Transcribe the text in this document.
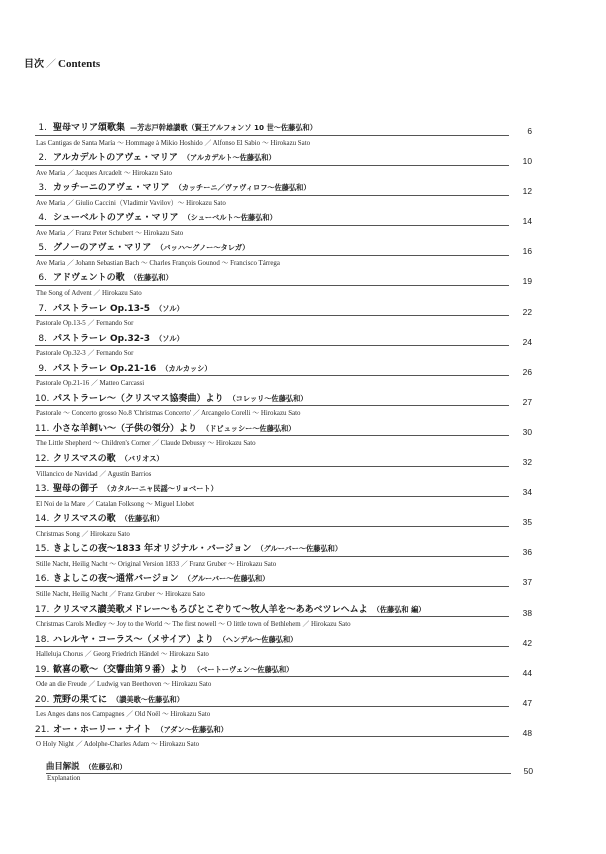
目次 ／ Contents
1. 聖母マリア頌歌集 —芳志戸幹雄讃歌（賢王アルフォンソ 10 世～佐藤弘和）	6
Las Cantigas de Santa María ～ Hommage à Mikio Hoshido ／ Alfonso El Sabio ～ Hirokazu Sato
2. アルカデルトのアヴェ・マリア （アルカデルト～佐藤弘和）	10
Ave Maria ／ Jacques Arcadelt ～ Hirokazu Sato
3. カッチーニのアヴェ・マリア （カッチーニ／ヴァヴィロフ～佐藤弘和）	12
Ave Maria ／ Giulio Caccini（Vladimir Vavilov）～ Hirokazu Sato
4. シューベルトのアヴェ・マリア （シューベルト～佐藤弘和）	14
Ave Maria ／ Franz Peter Schubert ～ Hirokazu Sato
5. グノーのアヴェ・マリア （バッハ～グノー～タレガ）	16
Ave Maria ／ Johann Sebastian Bach ～ Charles François Gounod ～ Francisco Tárrega
6. アドヴェントの歌 （佐藤弘和）	19
The Song of Advent ／ Hirokazu Sato
7. パストラーレ Op.13-5 （ソル）	22
Pastorale Op.13-5 ／ Fernando Sor
8. パストラーレ Op.32-3 （ソル）	24
Pastorale Op.32-3 ／ Fernando Sor
9. パストラーレ Op.21-16 （カルカッシ）	26
Pastorale Op.21-16 ／ Matteo Carcassi
10. パストラーレ～（クリスマス協奏曲）より （コレッリ～佐藤弘和）	27
Pastorale ～ Concerto grosso No.8 'Christmas Concerto' ／ Arcangelo Corelli ～ Hirokazu Sato
11. 小さな羊飼い～（子供の領分）より （ドビュッシー～佐藤弘和）	30
The Little Shepherd ～ Children's Corner ／ Claude Debussy ～ Hirokazu Sato
12. クリスマスの歌 （バリオス）	32
Villancico de Navidad ／ Agustín Barrios
13. 聖母の御子 （カタルーニャ民謡～リョベート）	34
El Noi de la Mare ／ Catalan Folksong ～ Miguel Llobet
14. クリスマスの歌 （佐藤弘和）	35
Christmas Song ／ Hirokazu Sato
15. きよしこの夜～1833 年オリジナル・バージョン （グルーバー～佐藤弘和）	36
Stille Nacht, Heilig Nacht ～ Original Version 1833 ／ Franz Gruber ～ Hirokazu Sato
16. きよしこの夜～通常バージョン （グルーバー～佐藤弘和）	37
Stille Nacht, Heilig Nacht ／ Franz Gruber ～ Hirokazu Sato
17. クリスマス讃美歌メドレー～もろびとこぞりて～牧人羊を～ああベツレヘムよ （佐藤弘和 編）	38
Christmas Carols Medley ～ Joy to the World ～ The first nowell ～ O little town of Bethlehem ／ Hirokazu Sato
18. ハレルヤ・コーラス～（メサイア）より （ヘンデル～佐藤弘和）	42
Halleluja Chorus ／ Georg Friedrich Händel ～ Hirokazu Sato
19. 歓喜の歌～（交響曲第９番）より （ベートーヴェン～佐藤弘和）	44
Ode an die Freude ／ Ludwig van Beethoven ～ Hirokazu Sato
20. 荒野の果てに （讃美歌～佐藤弘和）	47
Les Anges dans nos Campagnes ／ Old Noël ～ Hirokazu Sato
21. オー・ホーリー・ナイト （アダン～佐藤弘和）	48
O Holy Night ／ Adolphe-Charles Adam ～ Hirokazu Sato
曲目解説 （佐藤弘和）	50
Explanation
